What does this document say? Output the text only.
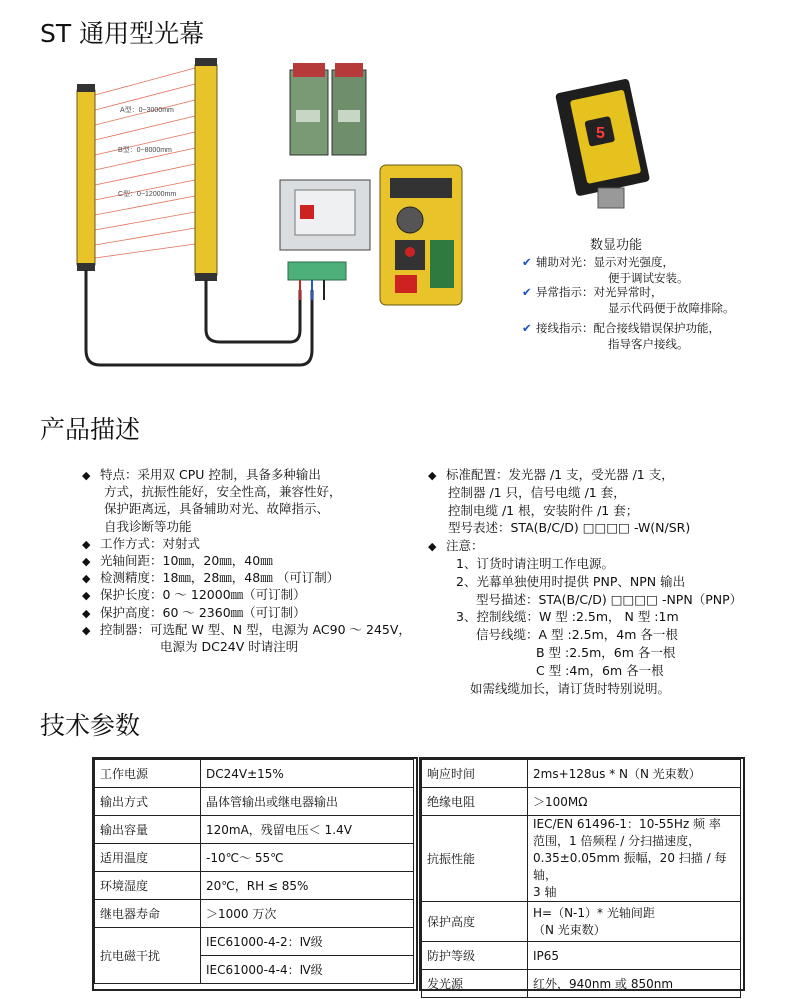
ST 通用型光幕
A型：0~3000mm
B型：0~8000mm
C型：0~12000mm
5
数显功能
✔ 辅助对光：显示对光强度，
便于调试安装。
✔ 异常指示：对光异常时，
显示代码便于故障排除。
✔ 接线指示：配合接线错误保护功能，
指导客户接线。
产品描述
◆ 特点：采用双 CPU 控制，具备多种输出
方式，抗振性能好，安全性高，兼容性好，
保护距离远，具备辅助对光、故障指示、
自我诊断等功能
◆ 工作方式：对射式
◆ 光轴间距：10㎜，20㎜，40㎜
◆ 检测精度：18㎜，28㎜，48㎜ （可订制）
◆ 保护长度：0 ～ 12000㎜（可订制）
◆ 保护高度：60 ～ 2360㎜（可订制）
◆ 控制器：可选配 W 型、N 型，电源为 AC90 ～ 245V，
电源为 DC24V 时请注明
◆ 标准配置：发光器 /1 支，受光器 /1 支，
控制器 /1 只，信号电缆 /1 套，
控制电缆 /1 根，安装附件 /1 套；
型号表述：STA(B/C/D) □□□□ -W(N/SR)
◆ 注意：
1、订货时请注明工作电源。
2、光幕单独使用时提供 PNP、NPN 输出
型号描述：STA(B/C/D) □□□□ -NPN（PNP）
3、控制线缆：W 型 :2.5m， N 型 :1m
信号线缆：A 型 :2.5m，4m 各一根
B 型 :2.5m，6m 各一根
C 型 :4m，6m 各一根
如需线缆加长，请订货时特别说明。
技术参数
工作电源	DC24V±15%
输出方式	晶体管输出或继电器输出
输出容量	120mA，残留电压＜ 1.4V
适用温度	-10℃～ 55℃
环境湿度	20℃，RH ≤ 85%
继电器寿命	＞1000 万次
抗电磁干扰	IEC61000-4-2：Ⅳ级
	IEC61000-4-4：Ⅳ级
响应时间	2ms+128us * N（N 光束数）
绝缘电阻	＞100MΩ
抗振性能	IEC/EN 61496-1：10-55Hz 频 率
范围，1 倍频程 / 分扫描速度，
0.35±0.05mm 振幅，20 扫描 / 每轴，
3 轴

保护高度	H=（N-1）* 光轴间距
（N 光束数）

防护等级	IP65
发光源	红外，940nm 或 850nm
